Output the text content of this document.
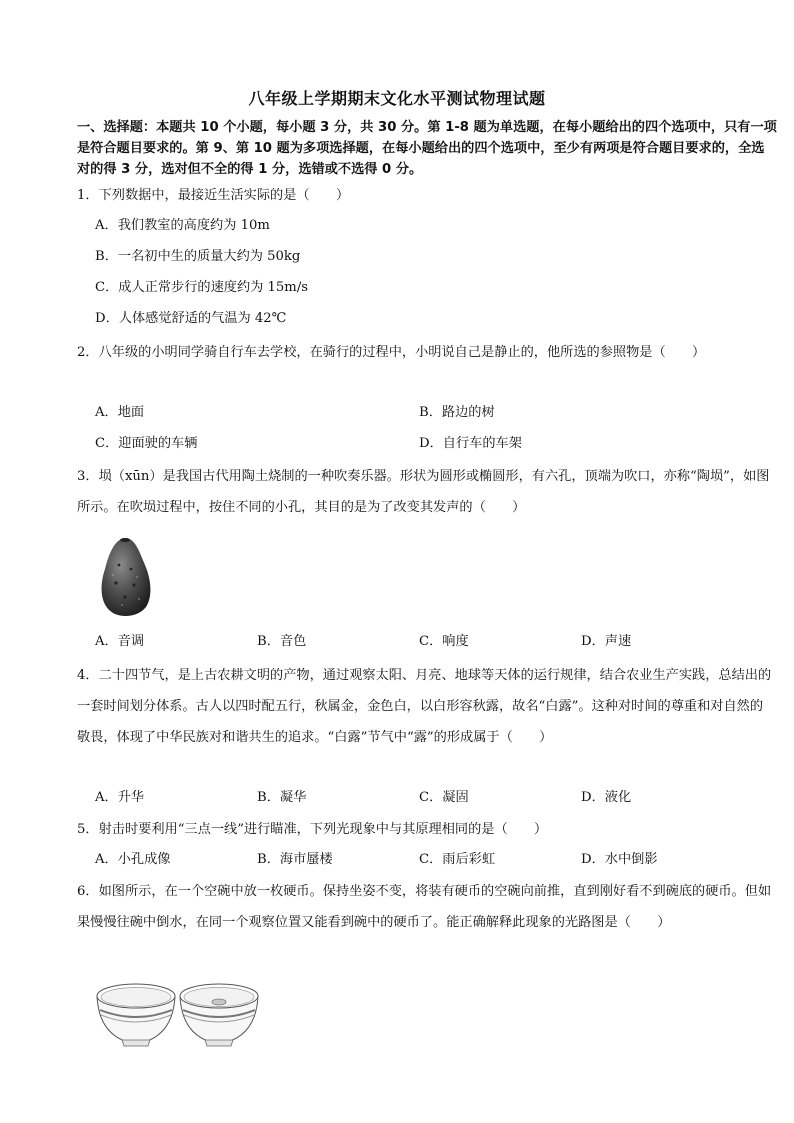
八年级上学期期末文化水平测试物理试题
一、选择题：本题共 10 个小题，每小题 3 分，共 30 分。第 1-8 题为单选题，在每小题给出的四个选项中，只有一项是符合题目要求的。第 9、第 10 题为多项选择题，在每小题给出的四个选项中，至少有两项是符合题目要求的，全选对的得 3 分，选对但不全的得 1 分，选错或不选得 0 分。
1．下列数据中，最接近生活实际的是（　　）
A．我们教室的高度约为 10m
B．一名初中生的质量大约为 50kg
C．成人正常步行的速度约为 15m/s
D．人体感觉舒适的气温为 42℃
2．八年级的小明同学骑自行车去学校，在骑行的过程中，小明说自己是静止的，他所选的参照物是（　　）
A．地面	B．路边的树
C．迎面驶的车辆	D．自行车的车架
3．埙（xūn）是我国古代用陶土烧制的一种吹奏乐器。形状为圆形或椭圆形，有六孔，顶端为吹口，亦称“陶埙”，如图所示。在吹埙过程中，按住不同的小孔，其目的是为了改变其发声的（　　）
A．音调	B．音色	C．响度	D．声速
4．二十四节气，是上古农耕文明的产物，通过观察太阳、月亮、地球等天体的运行规律，结合农业生产实践，总结出的一套时间划分体系。古人以四时配五行，秋属金，金色白，以白形容秋露，故名“白露”。这种对时间的尊重和对自然的敬畏，体现了中华民族对和谐共生的追求。“白露”节气中“露”的形成属于（　　）
A．升华	B．凝华	C．凝固	D．液化
5．射击时要利用“三点一线”进行瞄准，下列光现象中与其原理相同的是（　　）
A．小孔成像	B．海市蜃楼	C．雨后彩虹	D．水中倒影
6．如图所示，在一个空碗中放一枚硬币。保持坐姿不变，将装有硬币的空碗向前推，直到刚好看不到碗底的硬币。但如果慢慢往碗中倒水，在同一个观察位置又能看到碗中的硬币了。能正确解释此现象的光路图是（　　）
